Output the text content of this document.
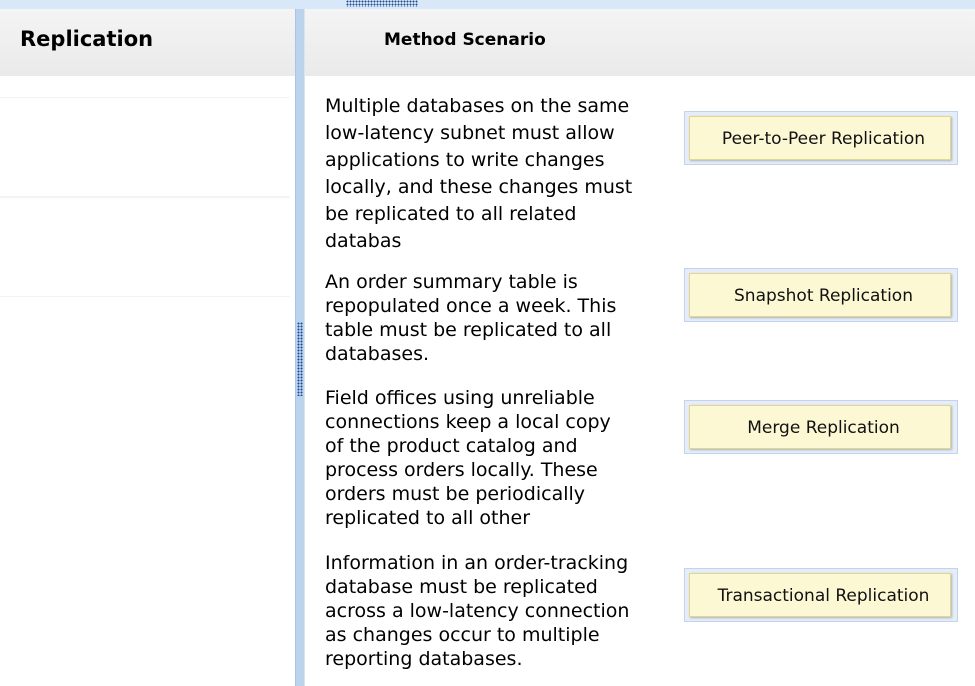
Replication	Method Scenario
Multiple databases on the same
low-latency subnet must allow
applications to write changes
locally, and these changes must
be replicated to all related
databas
Peer-to-Peer Replication
An order summary table is
repopulated once a week. This
table must be replicated to all
databases.
Snapshot Replication
Field offices using unreliable
connections keep a local copy
of the product catalog and
process orders locally. These
orders must be periodically
replicated to all other
Merge Replication
Information in an order-tracking
database must be replicated
across a low-latency connection
as changes occur to multiple
reporting databases.
Transactional Replication
